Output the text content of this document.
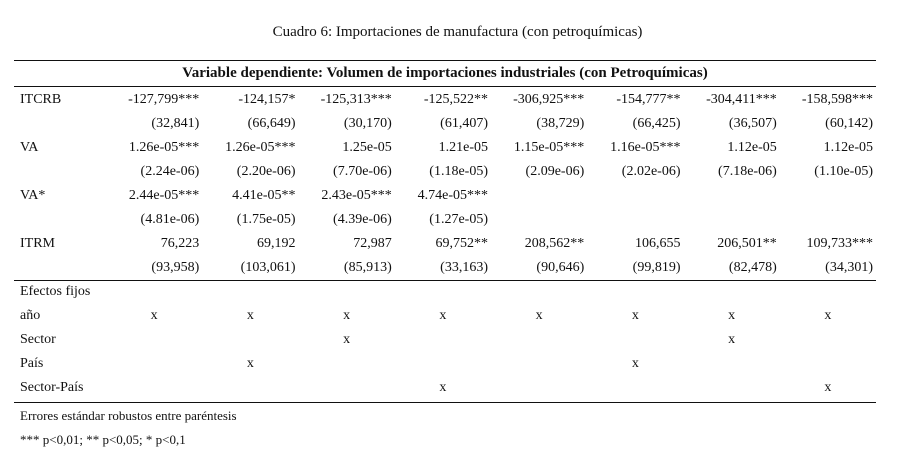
Cuadro 6: Importaciones de manufactura (con petroquímicas)
Variable dependiente: Volumen de importaciones industriales (con Petroquímicas)
ITCRB	-127,799***	-124,157*	-125,313***	-125,522**	-306,925***	-154,777**	-304,411***	-158,598***
	(32,841)	(66,649)	(30,170)	(61,407)	(38,729)	(66,425)	(36,507)	(60,142)
VA	1.26e-05***	1.26e-05***	1.25e-05	1.21e-05	1.15e-05***	1.16e-05***	1.12e-05	1.12e-05
	(2.24e-06)	(2.20e-06)	(7.70e-06)	(1.18e-05)	(2.09e-06)	(2.02e-06)	(7.18e-06)	(1.10e-05)
VA*	2.44e-05***	4.41e-05**	2.43e-05***	4.74e-05***				
	(4.81e-06)	(1.75e-05)	(4.39e-06)	(1.27e-05)				
ITRM	76,223	69,192	72,987	69,752**	208,562**	106,655	206,501**	109,733***
	(93,958)	(103,061)	(85,913)	(33,163)	(90,646)	(99,819)	(82,478)	(34,301)
Efectos fijos								
año	x	x	x	x	x	x	x	x
Sector			x				x	
País		x				x		
Sector-País				x				x
Errores estándar robustos entre paréntesis
*** p<0,01; ** p<0,05; * p<0,1
